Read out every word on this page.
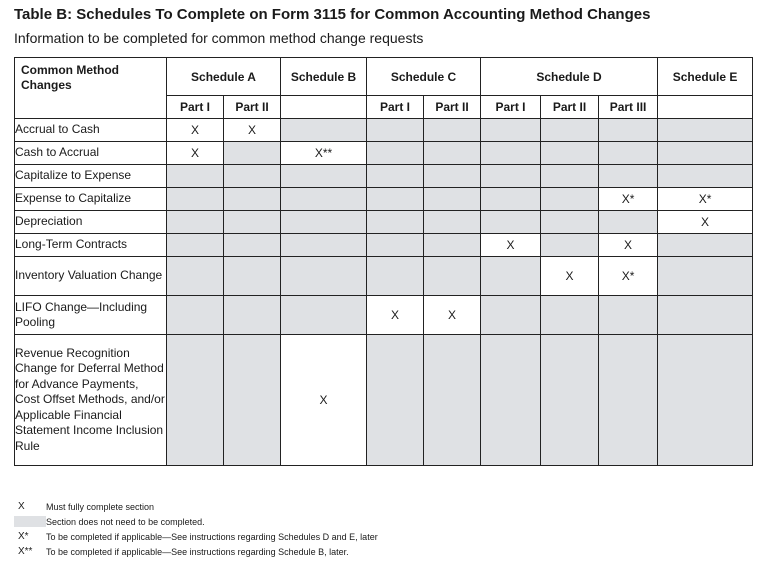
Table B: Schedules To Complete on Form 3115 for Common Accounting Method Changes
Information to be completed for common method change requests
Common Method Changes	Schedule A		Schedule B	Schedule C		Schedule D			Schedule E
	Part I	Part II		Part I	Part II	Part I	Part II	Part III	
Accrual to Cash	X	X							
Cash to Accrual	X		X**						
Capitalize to Expense									
Expense to Capitalize								X*	X*
Depreciation									X
Long-Term Contracts						X		X	
Inventory Valuation Change							X	X*	
LIFO Change—Including Pooling				X	X				
Revenue Recognition Change for Deferral Method for Advance Payments, Cost Offset Methods, and/or Applicable Financial Statement Income Inclusion Rule			X						
X Must fully complete section
Section does not need to be completed.
X* To be completed if applicable—See instructions regarding Schedules D and E, later
X** To be completed if applicable—See instructions regarding Schedule B, later.
